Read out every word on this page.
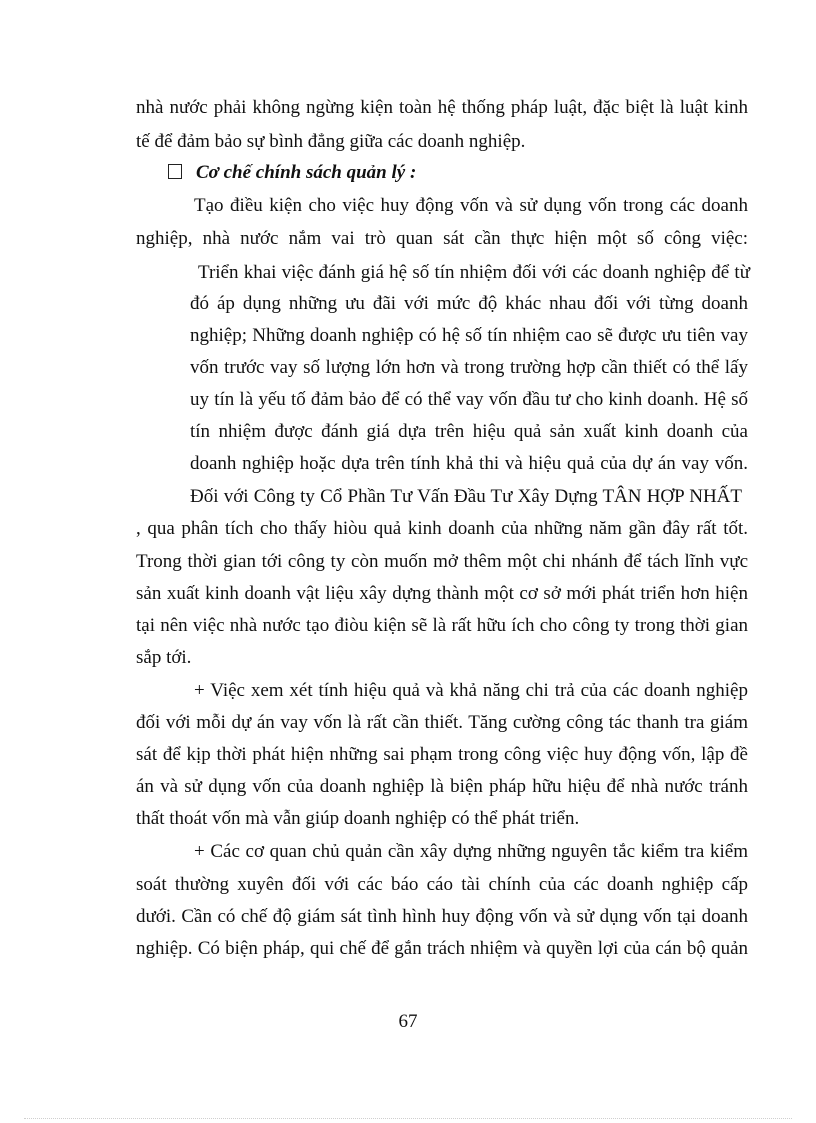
nhà nước phải không ngừng kiện toàn hệ thống pháp luật, đặc biệt là luật kinh
tế để đảm bảo sự bình đẳng giữa các doanh nghiệp.
Cơ chế chính sách quản lý :
Tạo điều kiện cho việc huy động vốn và sử dụng vốn trong các doanh
nghiệp, nhà nước nắm vai trò quan sát cần thực hiện một số công việc:
Triển khai việc đánh giá hệ số tín nhiệm đối với các doanh nghiệp để từ
đó áp dụng những ưu đãi với mức độ khác nhau đối với từng doanh
nghiệp; Những doanh nghiệp có hệ số tín nhiệm cao sẽ được ưu tiên vay
vốn trước vay số lượng lớn hơn và trong trường hợp cần thiết có thể lấy
uy tín là yếu tố đảm bảo để có thể vay vốn đầu tư cho kinh doanh. Hệ số
tín nhiệm được đánh giá dựa trên hiệu quả sản xuất kinh doanh của
doanh nghiệp hoặc dựa trên tính khả thi và hiệu quả của dự án vay vốn.
Đối với Công ty Cổ Phần Tư Vấn Đầu Tư Xây Dựng TÂN HỢP NHẤT
, qua phân tích cho thấy hiòu quả kinh doanh của những năm gần đây rất tốt.
Trong thời gian tới công ty còn muốn mở thêm một chi nhánh để tách lĩnh vực
sản xuất kinh doanh vật liệu xây dựng thành một cơ sở mới phát triển hơn hiện
tại nên việc nhà nước tạo điòu kiện sẽ là rất hữu ích cho công ty trong thời gian
sắp tới.
+ Việc xem xét tính hiệu quả và khả năng chi trả của các doanh nghiệp
đối với mỗi dự án vay vốn là rất cần thiết. Tăng cường công tác thanh tra giám
sát để kịp thời phát hiện những sai phạm trong công việc huy động vốn, lập đề
án và sử dụng vốn của doanh nghiệp là biện pháp hữu hiệu để nhà nước tránh
thất thoát vốn mà vẫn giúp doanh nghiệp có thể phát triển.
+ Các cơ quan chủ quản cần xây dựng những nguyên tắc kiểm tra kiểm
soát thường xuyên đối với các báo cáo tài chính của các doanh nghiệp cấp
dưới. Cần có chế độ giám sát tình hình huy động vốn và sử dụng vốn tại doanh
nghiệp. Có biện pháp, qui chế để gắn trách nhiệm và quyền lợi của cán bộ quản
67
